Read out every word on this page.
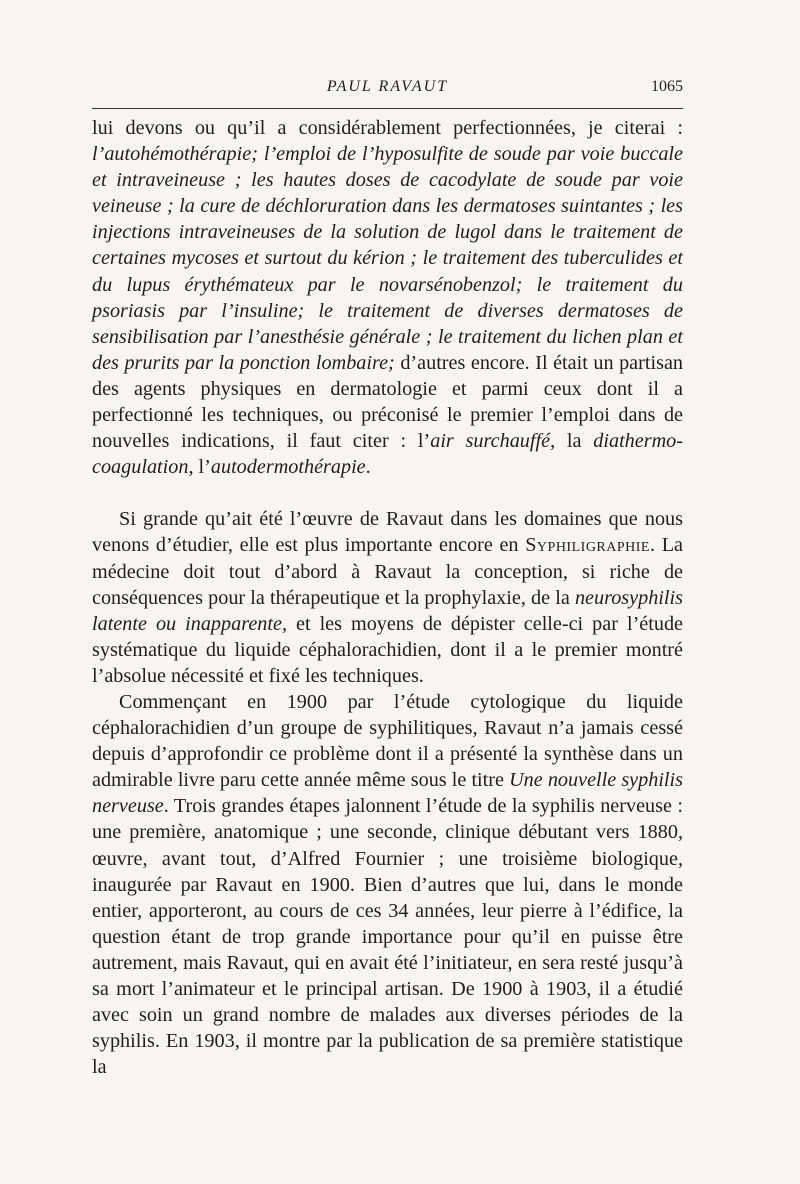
PAUL RAVAUT	1065

lui devons ou qu’il a considérablement perfectionnées, je citerai : l’autohémothérapie; l’emploi de l’hyposulfite de soude par voie buccale et intraveineuse ; les hautes doses de cacodylate de soude par voie veineuse ; la cure de déchloruration dans les dermatoses suintantes ; les injections intraveineuses de la solution de lugol dans le traitement de certaines mycoses et surtout du kérion ; le traitement des tuberculides et du lupus érythémateux par le novarsénobenzol; le traitement du psoriasis par l’insuline; le traitement de diverses dermatoses de sensibilisation par l’anesthésie générale ; le traitement du lichen plan et des prurits par la ponction lombaire; d’autres encore. Il était un partisan des agents physiques en dermatologie et parmi ceux dont il a perfectionné les techniques, ou préconisé le premier l’emploi dans de nouvelles indications, il faut citer : l’air surchauffé, la diathermo-coagulation, l’autodermothérapie.

Si grande qu’ait été l’œuvre de Ravaut dans les domaines que nous venons d’étudier, elle est plus importante encore en Syphiligraphie. La médecine doit tout d’abord à Ravaut la conception, si riche de conséquences pour la thérapeutique et la prophylaxie, de la neurosyphilis latente ou inapparente, et les moyens de dépister celle-ci par l’étude systématique du liquide céphalorachidien, dont il a le premier montré l’absolue nécessité et fixé les techniques.

Commençant en 1900 par l’étude cytologique du liquide céphalorachidien d’un groupe de syphilitiques, Ravaut n’a jamais cessé depuis d’approfondir ce problème dont il a présenté la synthèse dans un admirable livre paru cette année même sous le titre Une nouvelle syphilis nerveuse. Trois grandes étapes jalonnent l’étude de la syphilis nerveuse : une première, anatomique ; une seconde, clinique débutant vers 1880, œuvre, avant tout, d’Alfred Fournier ; une troisième biologique, inaugurée par Ravaut en 1900. Bien d’autres que lui, dans le monde entier, apporteront, au cours de ces 34 années, leur pierre à l’édifice, la question étant de trop grande importance pour qu’il en puisse être autrement, mais Ravaut, qui en avait été l’initiateur, en sera resté jusqu’à sa mort l’animateur et le principal artisan. De 1900 à 1903, il a étudié avec soin un grand nombre de malades aux diverses périodes de la syphilis. En 1903, il montre par la publication de sa première statistique la
